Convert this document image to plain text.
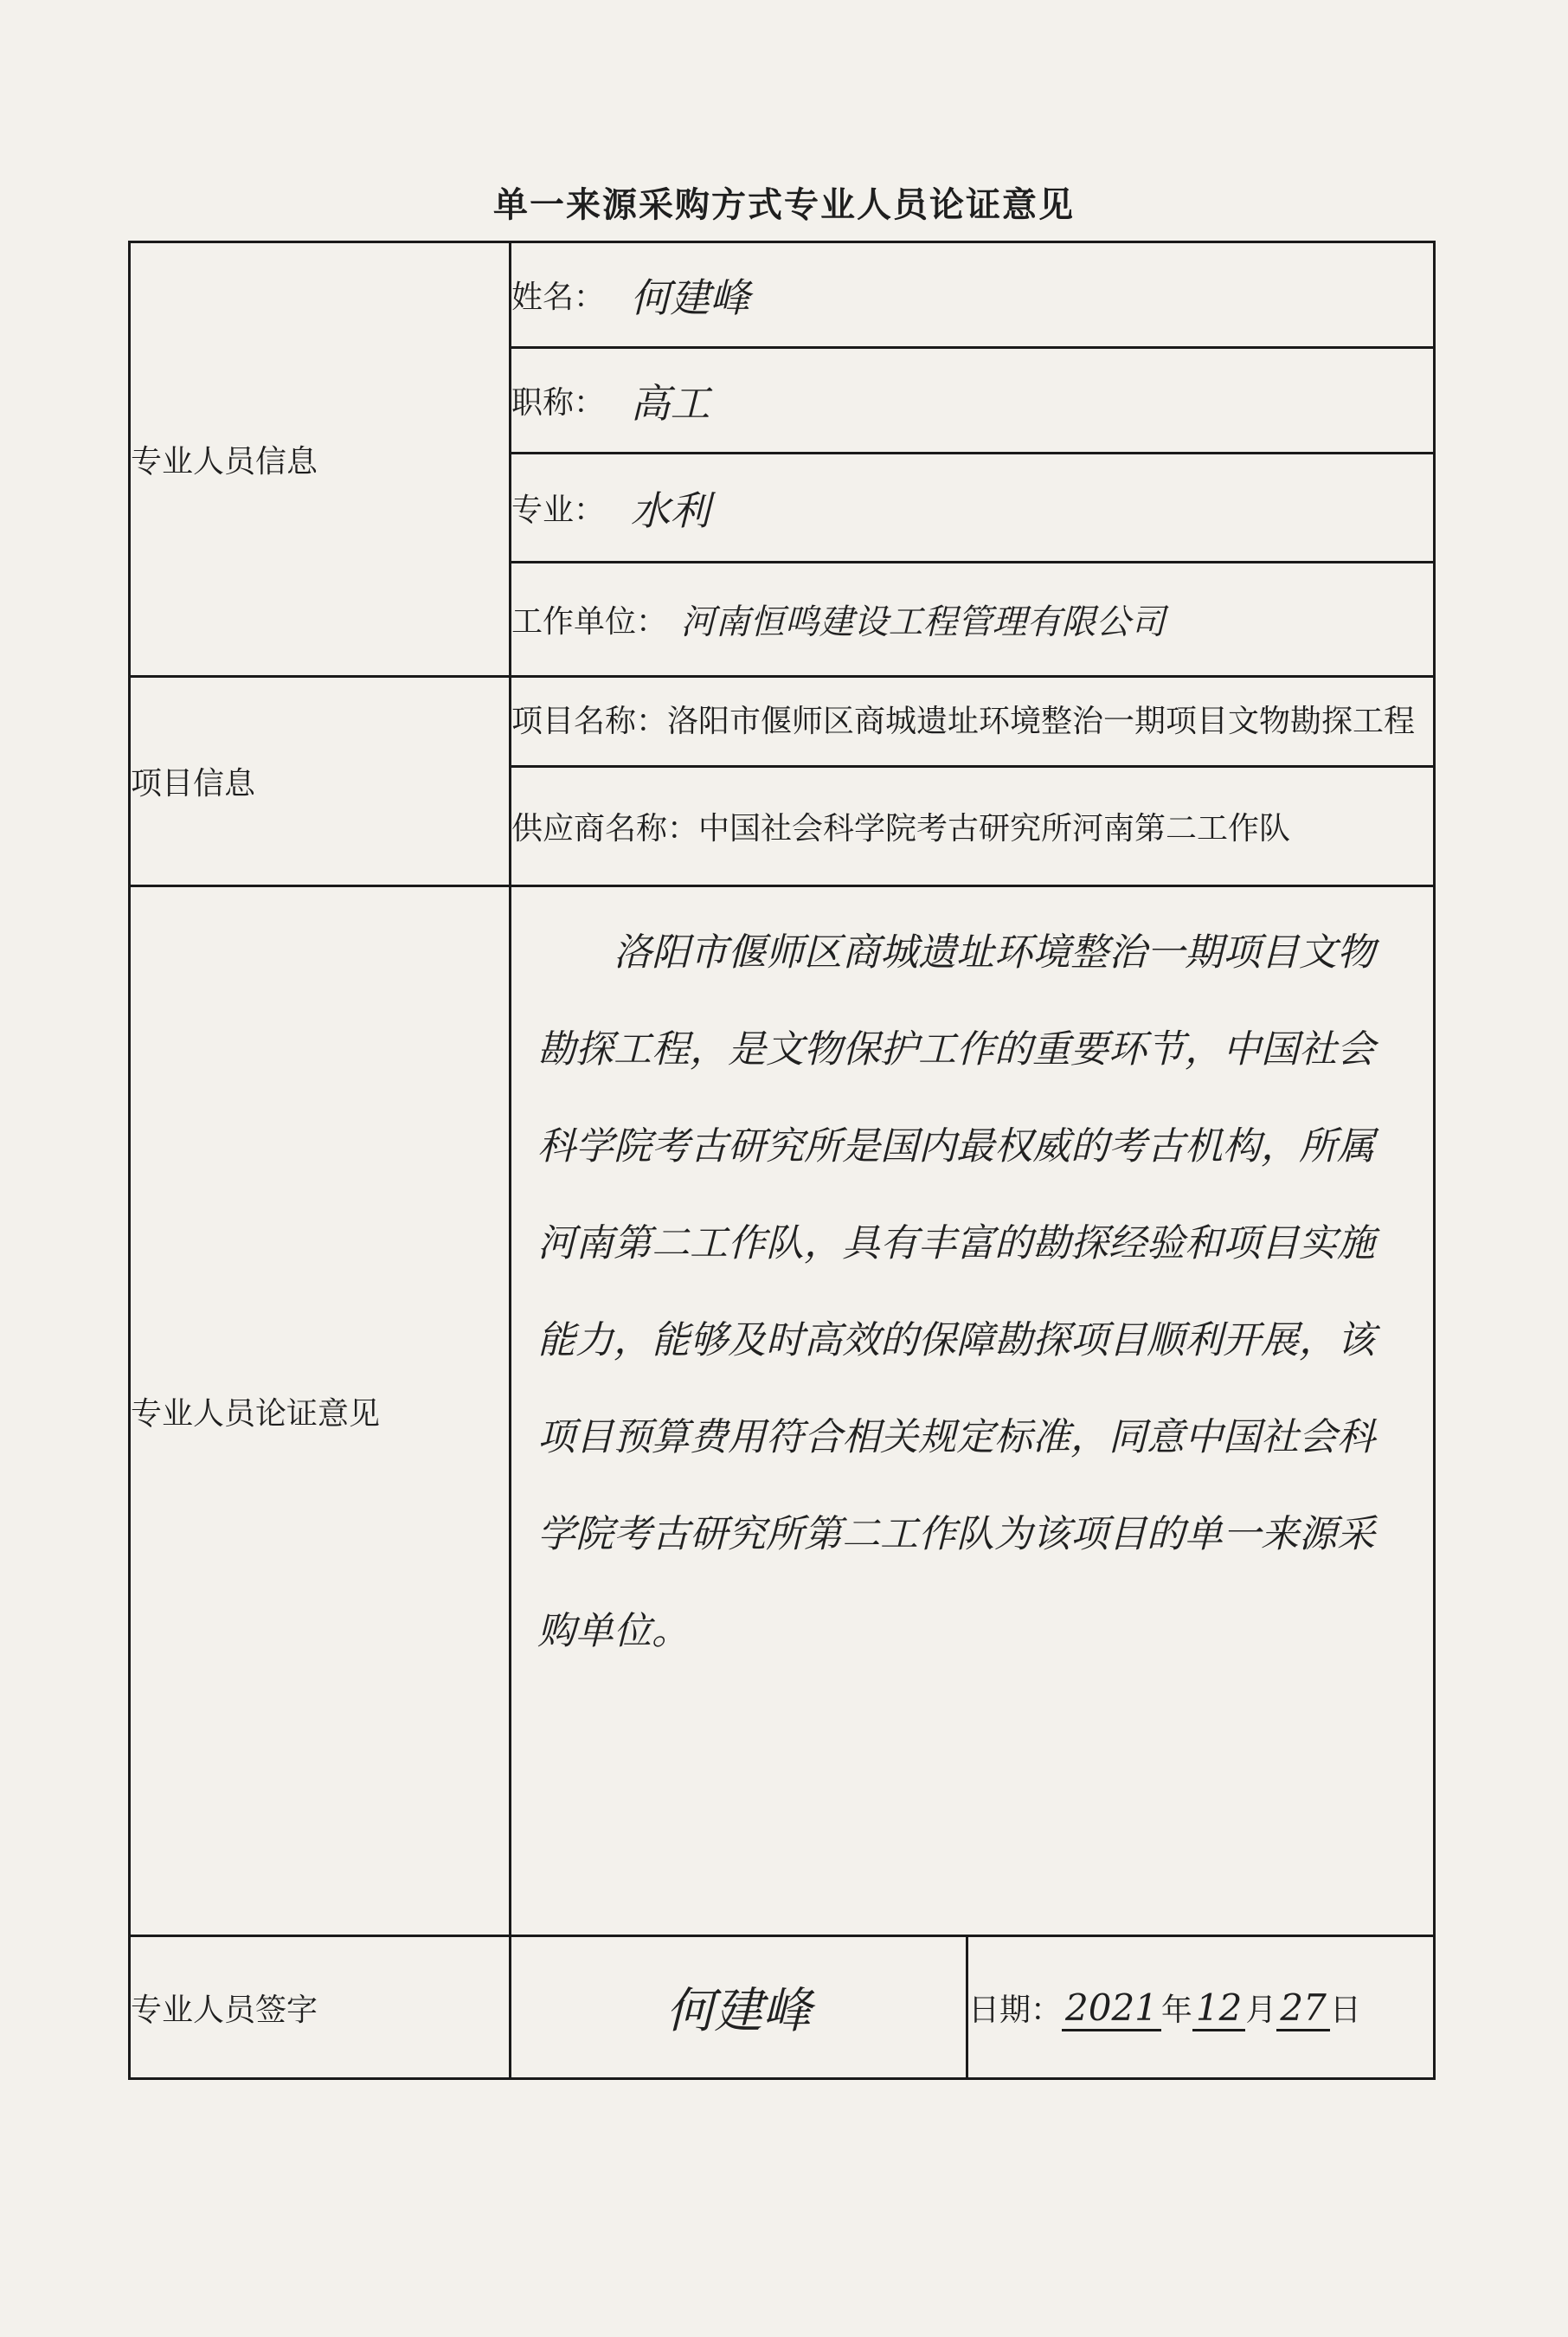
单一来源采购方式专业人员论证意见
专业人员信息	姓名： 何建峰	
	职称： 高工	
	专业： 水利	
	工作单位： 河南恒鸣建设工程管理有限公司	
项目信息	项目名称：洛阳市偃师区商城遗址环境整治一期项目文物勘探工程	
	供应商名称：中国社会科学院考古研究所河南第二工作队	
专业人员论证意见	洛阳市偃师区商城遗址环境整治一期项目文物勘探工程，是文物保护工作的重要环节，中国社会科学院考古研究所是国内最权威的考古机构，所属河南第二工作队，具有丰富的勘探经验和项目实施能力，能够及时高效的保障勘探项目顺利开展，该项目预算费用符合相关规定标准，同意中国社会科学院考古研究所第二工作队为该项目的单一来源采购单位。	
专业人员签字	何建峰	日期：2021 年12 月27 日
